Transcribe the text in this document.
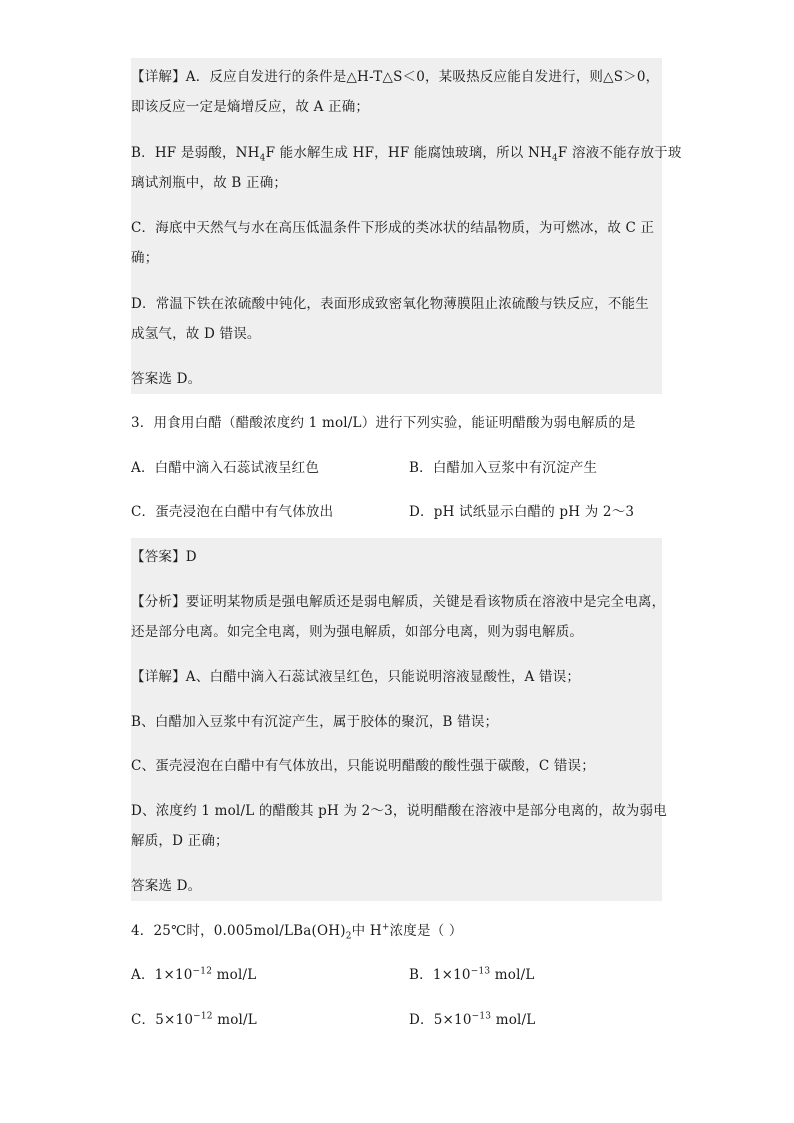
【详解】A．反应自发进行的条件是△H-T△S＜0，某吸热反应能自发进行，则△S＞0，
即该反应一定是熵增反应，故 A 正确；
B．HF 是弱酸，$NH_4F$ 能水解生成 HF，HF 能腐蚀玻璃，所以 $NH_4F$ 溶液不能存放于玻
璃试剂瓶中，故 B 正确；
C．海底中天然气与水在高压低温条件下形成的类冰状的结晶物质，为可燃冰，故 C 正
确；
D．常温下铁在浓硫酸中钝化，表面形成致密氧化物薄膜阻止浓硫酸与铁反应，不能生
成氢气，故 D 错误。
答案选 D。
3．用食用白醋（醋酸浓度约 1 mol/L）进行下列实验，能证明醋酸为弱电解质的是
A．白醋中滴入石蕊试液呈红色	B．白醋加入豆浆中有沉淀产生
C．蛋壳浸泡在白醋中有气体放出	D．pH 试纸显示白醋的 pH 为 2～3
【答案】D
【分析】要证明某物质是强电解质还是弱电解质，关键是看该物质在溶液中是完全电离，
还是部分电离。如完全电离，则为强电解质，如部分电离，则为弱电解质。
【详解】A、白醋中滴入石蕊试液呈红色，只能说明溶液显酸性，A 错误；
B、白醋加入豆浆中有沉淀产生，属于胶体的聚沉，B 错误；
C、蛋壳浸泡在白醋中有气体放出，只能说明醋酸的酸性强于碳酸，C 错误；
D、浓度约 1 mol/L 的醋酸其 pH 为 2～3，说明醋酸在溶液中是部分电离的，故为弱电
解质，D 正确；
答案选 D。
4．25℃时，$0.005mol/LBa(OH)_2$中 H+浓度是（ ）
A．$1\times 10^{-12}$ mol/L	B．$1\times 10^{-13}$ mol/L
C．$5\times 10^{-12}$ mol/L	D．$5\times 10^{-13}$ mol/L
